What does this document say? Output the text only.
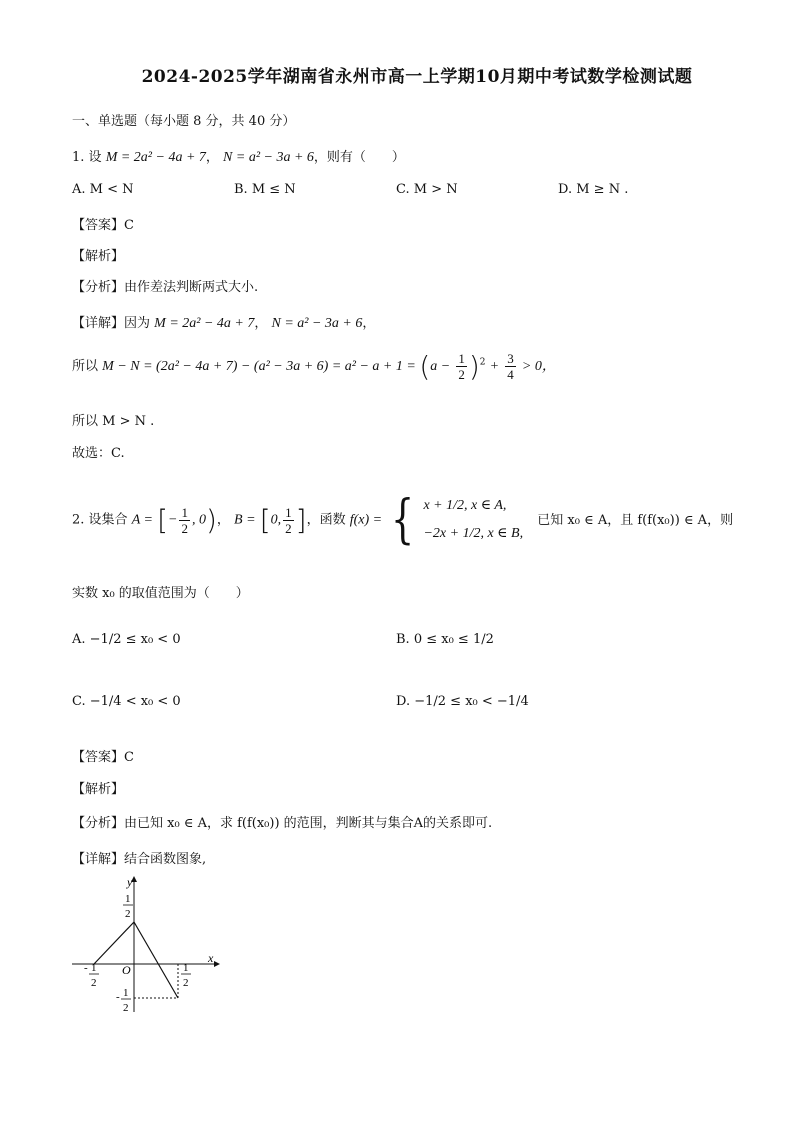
2024-2025学年湖南省永州市高一上学期10月期中考试数学检测试题
一、单选题（每小题 8 分，共 40 分）
1. 设 M = 2a² − 4a + 7， N = a² − 3a + 6，则有（　　）
A. M < N	B. M ≤ N	C. M > N	D. M ≥ N .
【答案】C
【解析】
【分析】由作差法判断两式大小.
【详解】因为 M = 2a² − 4a + 7， N = a² − 3a + 6，
所以 $M - N = (2a^2 - 4a + 7) - (a^2 - 3a + 6) = a^2 - a + 1 = (a - \frac{1}{2} )^2 + \frac{3}{4} > 0$，
所以 M > N .
故选：C.
2. 设集合 A = [− $\frac{1}{2}$ , 0)， B = [0, $\frac{1}{2}$ ]，函数 f(x) = { x + 1/2, x ∈ A,
−2x + 1/2, x ∈ B,
已知 x₀ ∈ A，且 f(f(x₀)) ∈ A，则
实数 x₀ 的取值范围为（　　）
A. −1/2 ≤ x₀ < 0	B. 0 ≤ x₀ ≤ 1/2
C. −1/4 < x₀ < 0	D. −1/2 ≤ x₀ < −1/4
【答案】C
【解析】
【分析】由已知 x₀ ∈ A，求 f(f(x₀)) 的范围，判断其与集合A的关系即可.
【详解】结合函数图象,
y
x
O
1
2
- 1
2
1
2
- 1
2
